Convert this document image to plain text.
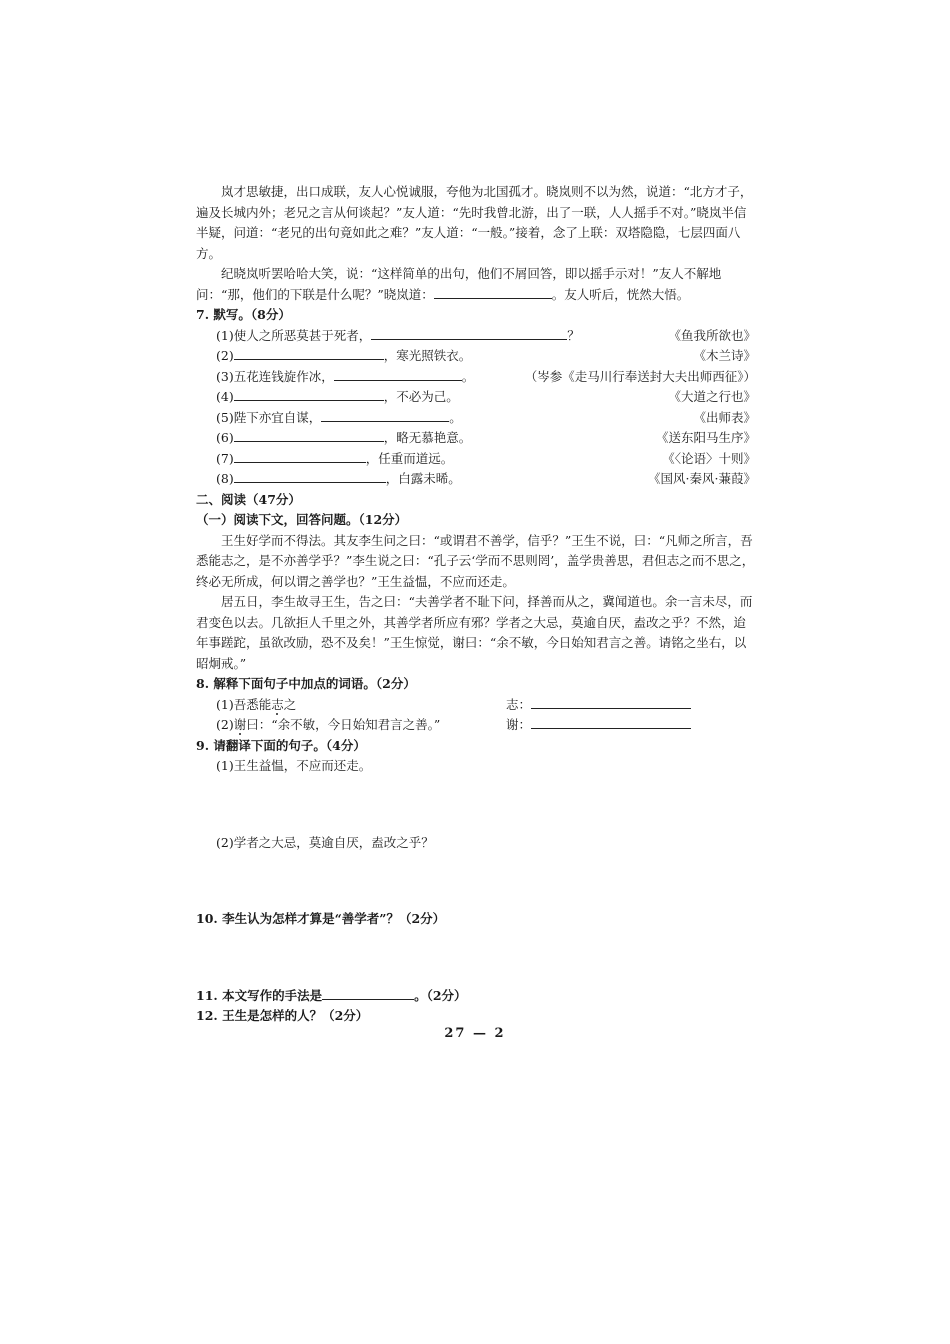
岚才思敏捷，出口成联，友人心悦诚服，夸他为北国孤才。晓岚则不以为然，说道：“北方才子，遍及长城内外；老兄之言从何谈起？”友人道：“先时我曾北游，出了一联，人人摇手不对。”晓岚半信半疑，问道：“老兄的出句竟如此之难？”友人道：“一般。”接着，念了上联：双塔隐隐，七层四面八方。

纪晓岚听罢哈哈大笑，说：“这样简单的出句，他们不屑回答，即以摇手示对！”友人不解地问：“那，他们的下联是什么呢？”晓岚道：	。友人听后，恍然大悟。

7. 默写。（8分）

(1)使人之所恶莫甚于死者，	？	《鱼我所欲也》
(2)	，寒光照铁衣。	《木兰诗》
(3)五花连钱旋作冰，	。	（岑参《走马川行奉送封大夫出师西征》）
(4)	，不必为己。	《大道之行也》
(5)陛下亦宜自谋，	。	《出师表》
(6)	，略无慕艳意。	《送东阳马生序》
(7)	，任重而道远。	《〈论语〉十则》
(8)	，白露未晞。	《国风·秦风·蒹葭》

二、阅读（47分）

（一）阅读下文，回答问题。（12分）

王生好学而不得法。其友李生问之曰：“或谓君不善学，信乎？”王生不说，曰：“凡师之所言，吾悉能志之，是不亦善学乎？”李生说之曰：“孔子云‘学而不思则罔’，盖学贵善思，君但志之而不思之，终必无所成，何以谓之善学也？”王生益愠，不应而还走。

居五日，李生故寻王生，告之曰：“夫善学者不耻下问，择善而从之，冀闻道也。余一言未尽，而君变色以去。几欲拒人千里之外，其善学者所应有邪？学者之大忌，莫逾自厌，盍改之乎？不然，迨年事蹉跎，虽欲改励，恐不及矣！”王生惊觉，谢曰：“余不敏，今日始知君言之善。请铭之坐右，以昭炯戒。”

8. 解释下面句子中加点的词语。（2分）

(1)吾悉能志之	志：
(2)谢曰：“余不敏，今日始知君言之善。”	谢：

9. 请翻译下面的句子。（4分）

(1)王生益愠，不应而还走。

(2)学者之大忌，莫逾自厌，盍改之乎？

10. 李生认为怎样才算是“善学者”？（2分）

11. 本文写作的手法是	。（2分）

12. 王生是怎样的人？（2分）

27 — 2
